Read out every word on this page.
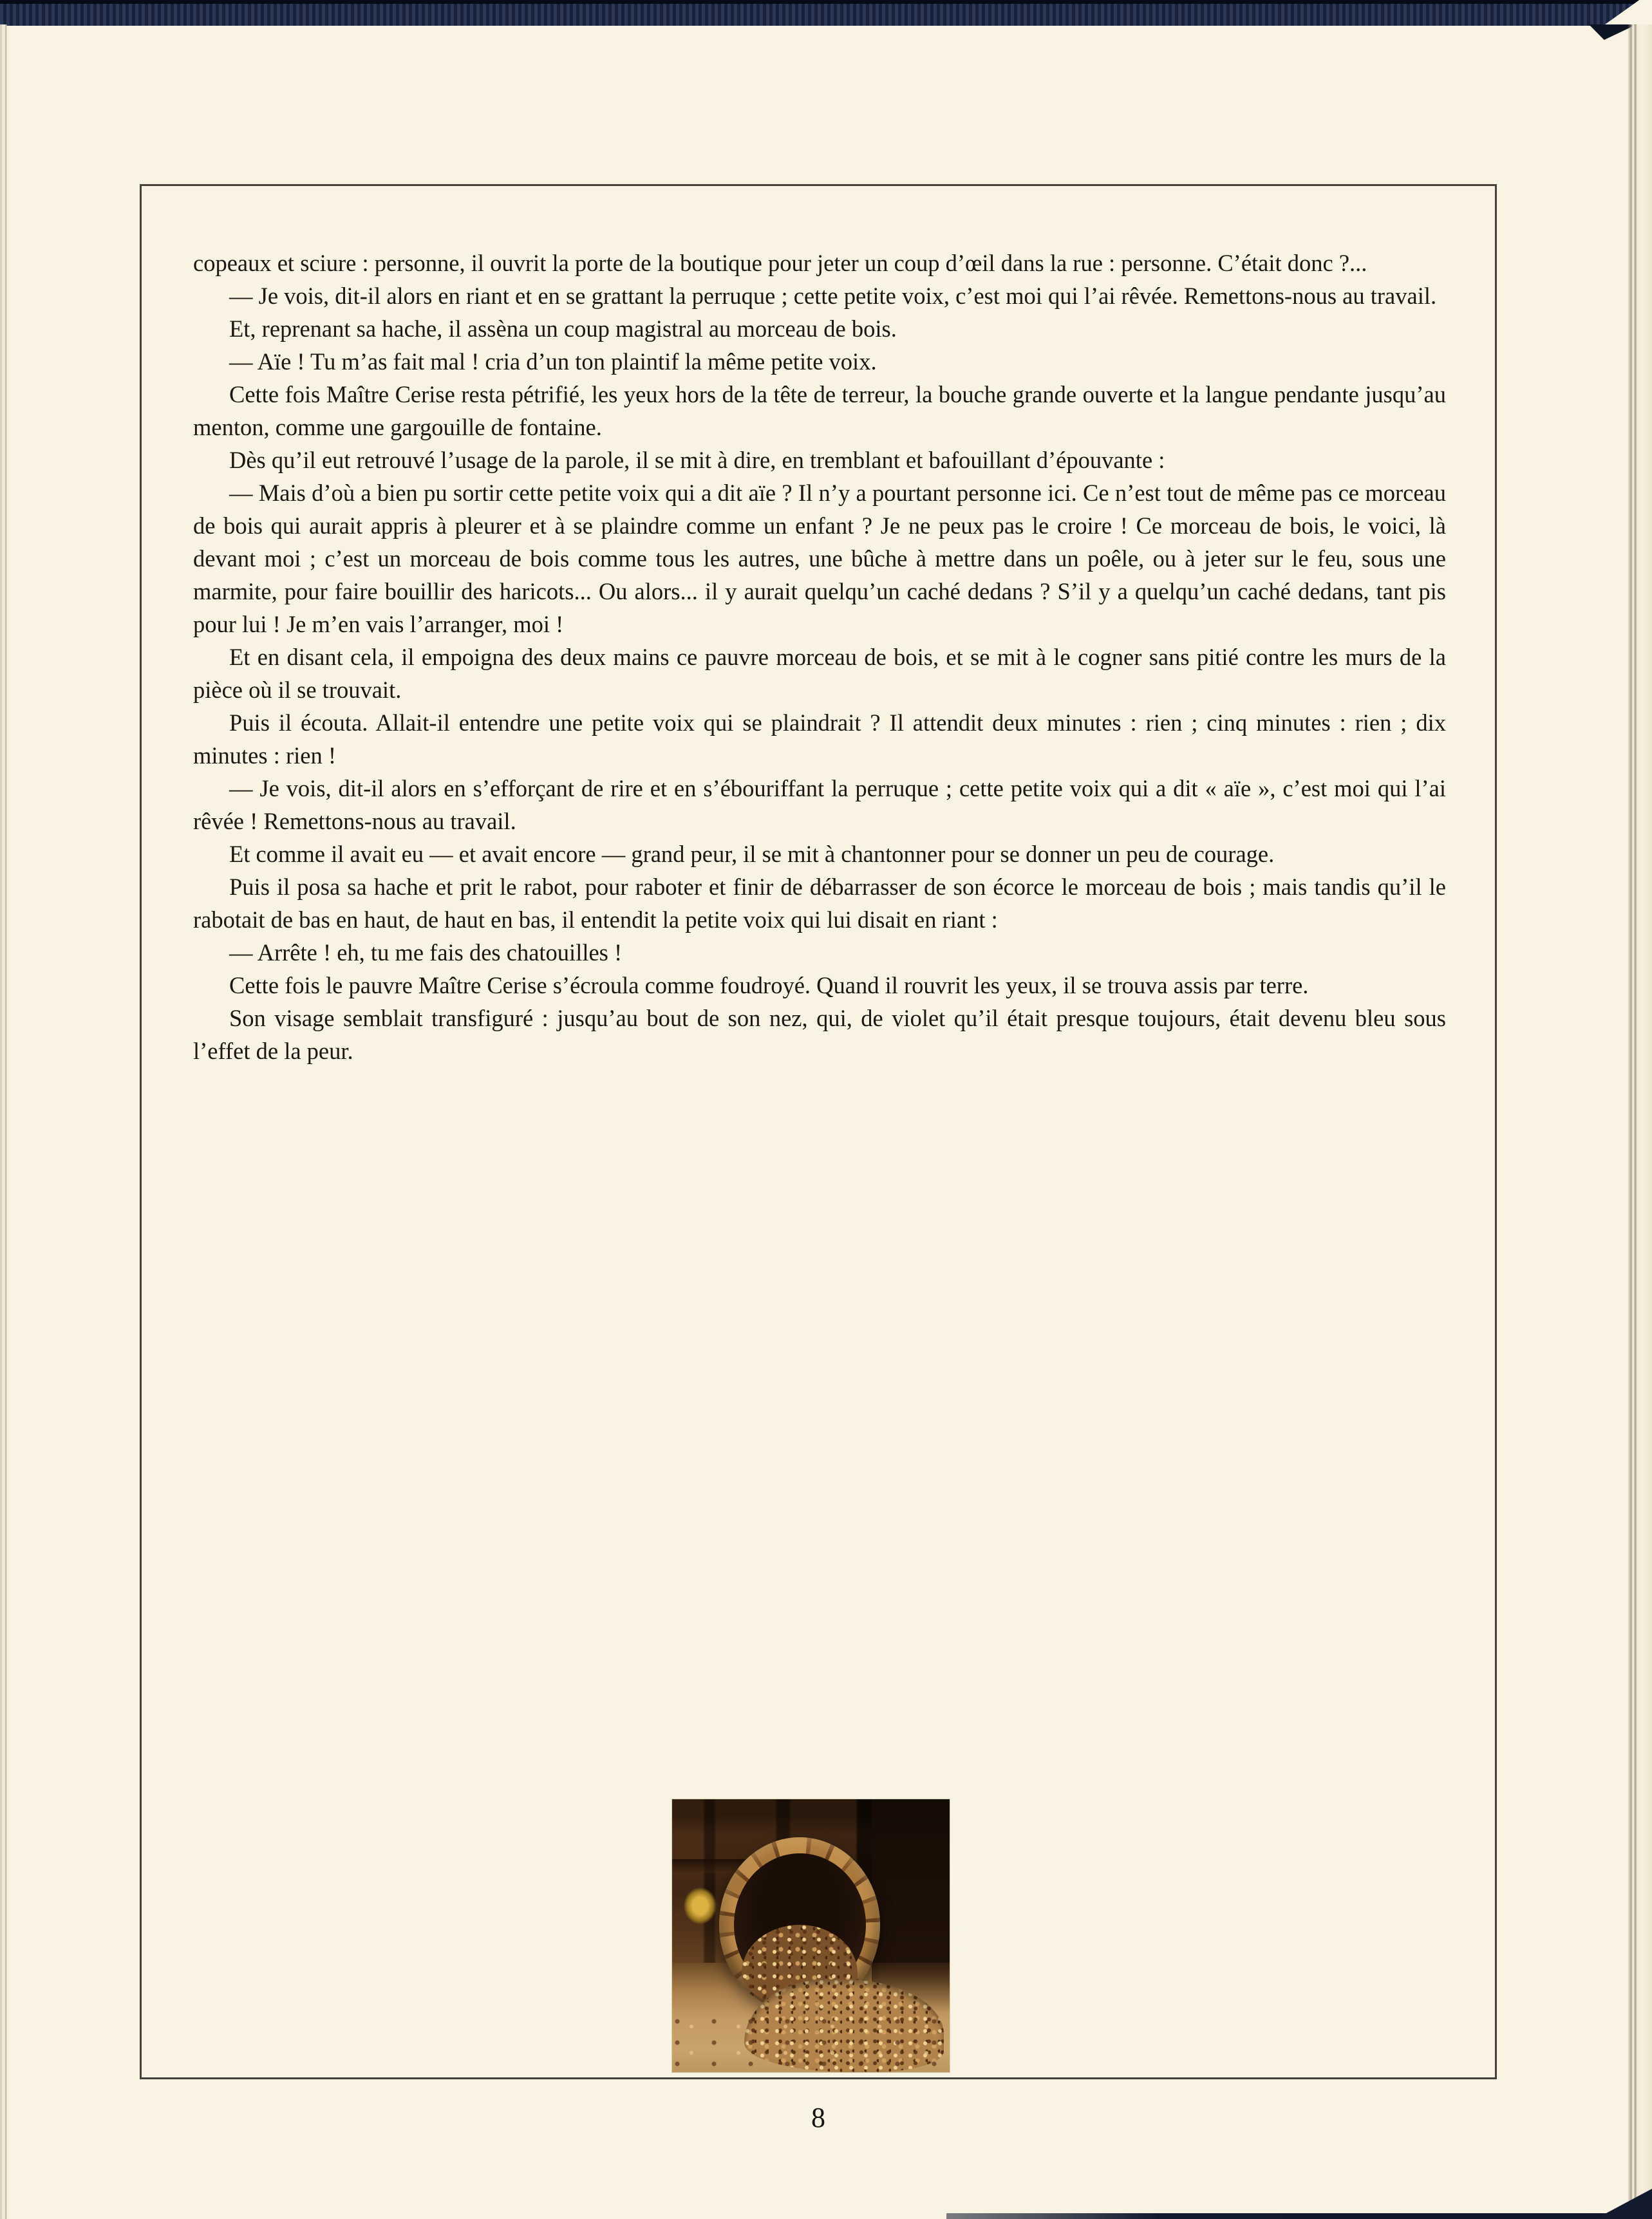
copeaux et sciure : personne, il ouvrit la porte de la boutique pour jeter un coup d’œil dans la rue : personne. C’était donc ?...

— Je vois, dit-il alors en riant et en se grattant la perruque ; cette petite voix, c’est moi qui l’ai rêvée. Remettons-nous au travail.

Et, reprenant sa hache, il assèna un coup magistral au morceau de bois.

— Aïe ! Tu m’as fait mal ! cria d’un ton plaintif la même petite voix.

Cette fois Maître Cerise resta pétrifié, les yeux hors de la tête de terreur, la bouche grande ouverte et la langue pendante jusqu’au menton, comme une gargouille de fontaine.

Dès qu’il eut retrouvé l’usage de la parole, il se mit à dire, en tremblant et bafouillant d’épouvante :

— Mais d’où a bien pu sortir cette petite voix qui a dit aïe ? Il n’y a pourtant personne ici. Ce n’est tout de même pas ce morceau de bois qui aurait appris à pleurer et à se plaindre comme un enfant ? Je ne peux pas le croire ! Ce morceau de bois, le voici, là devant moi ; c’est un morceau de bois comme tous les autres, une bûche à mettre dans un poêle, ou à jeter sur le feu, sous une marmite, pour faire bouillir des haricots... Ou alors... il y aurait quelqu’un caché dedans ? S’il y a quelqu’un caché dedans, tant pis pour lui ! Je m’en vais l’arranger, moi !

Et en disant cela, il empoigna des deux mains ce pauvre morceau de bois, et se mit à le cogner sans pitié contre les murs de la pièce où il se trouvait.

Puis il écouta. Allait-il entendre une petite voix qui se plaindrait ? Il attendit deux minutes : rien ; cinq minutes : rien ; dix minutes : rien !

— Je vois, dit-il alors en s’efforçant de rire et en s’ébouriffant la perruque ; cette petite voix qui a dit « aïe », c’est moi qui l’ai rêvée ! Remettons-nous au travail.

Et comme il avait eu — et avait encore — grand peur, il se mit à chantonner pour se donner un peu de courage.

Puis il posa sa hache et prit le rabot, pour raboter et finir de débarrasser de son écorce le morceau de bois ; mais tandis qu’il le rabotait de bas en haut, de haut en bas, il entendit la petite voix qui lui disait en riant :

— Arrête ! eh, tu me fais des chatouilles !

Cette fois le pauvre Maître Cerise s’écroula comme foudroyé. Quand il rouvrit les yeux, il se trouva assis par terre.

Son visage semblait transfiguré : jusqu’au bout de son nez, qui, de violet qu’il était presque toujours, était devenu bleu sous l’effet de la peur.

8
